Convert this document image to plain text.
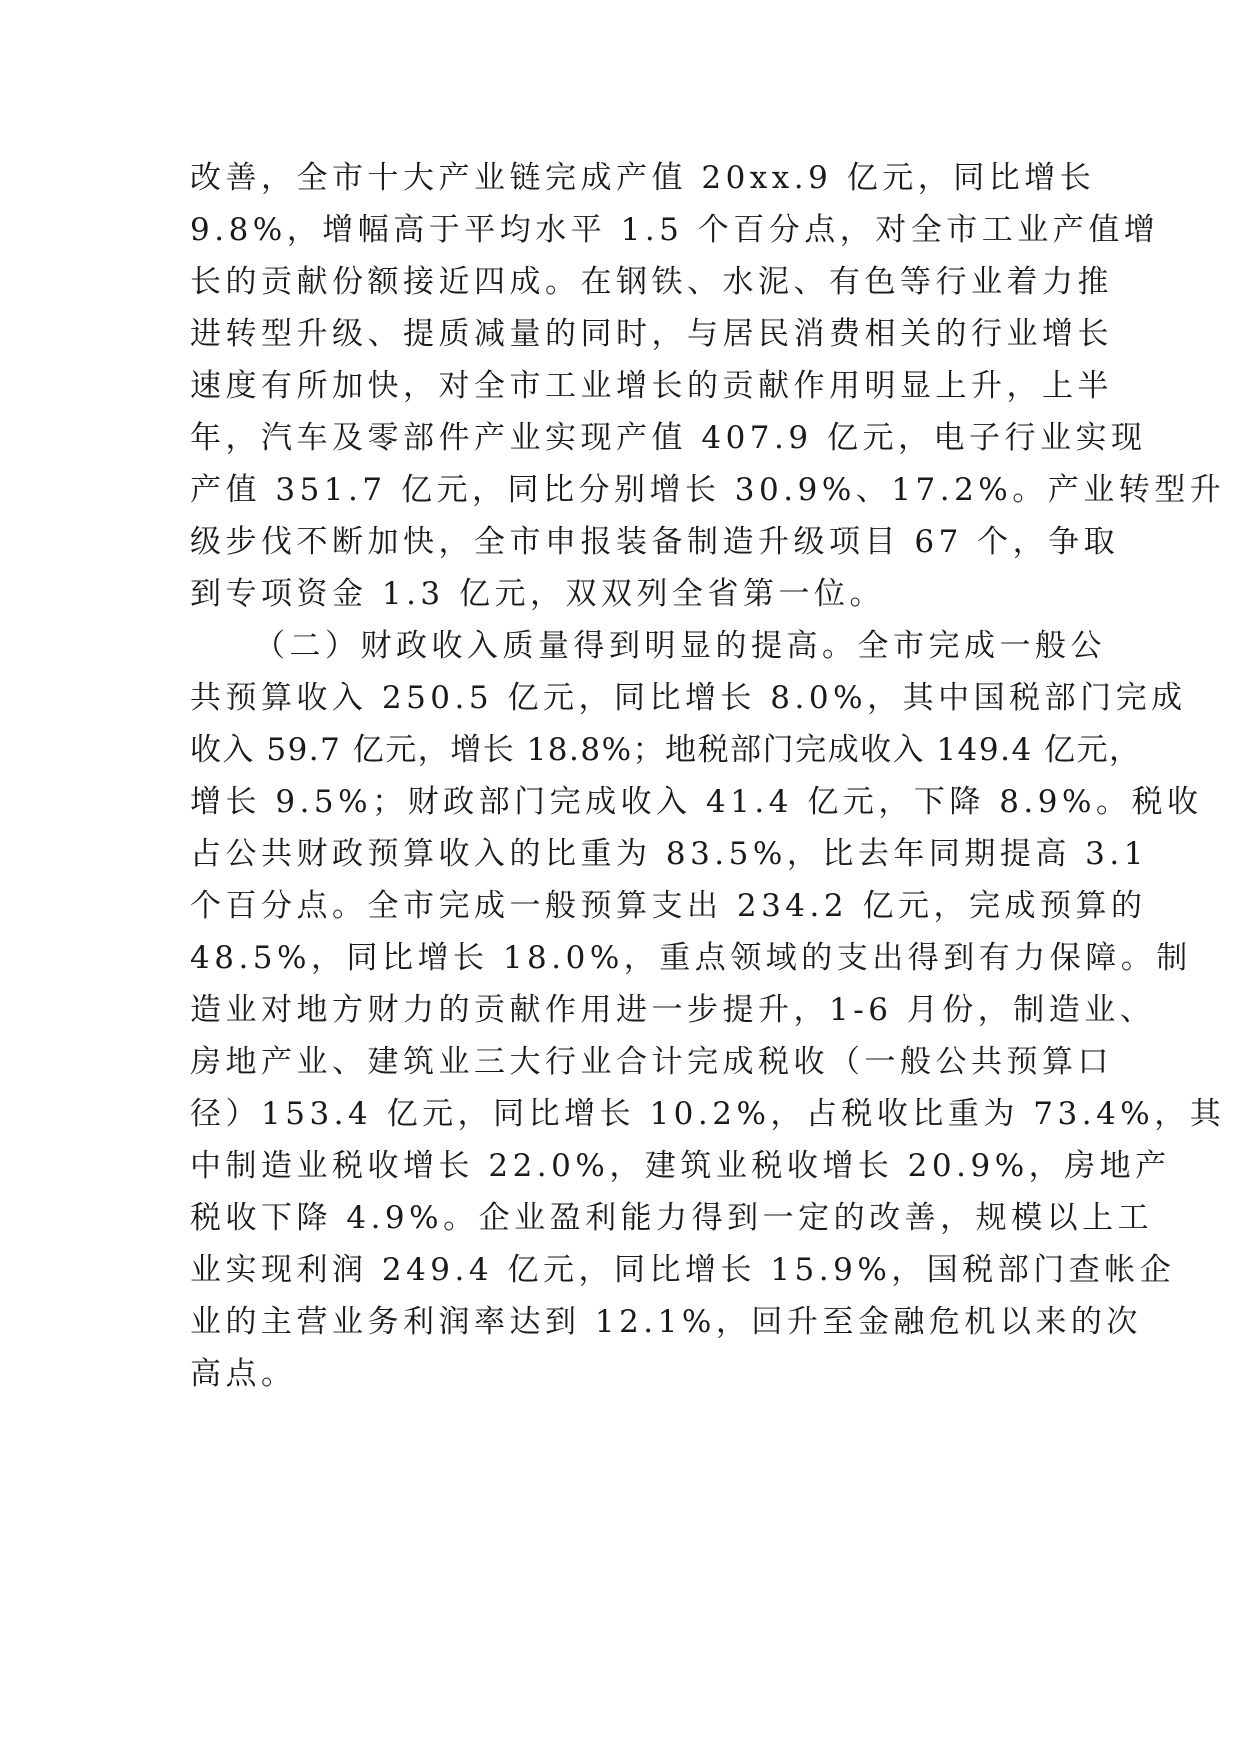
改善，全市十大产业链完成产值 20xx.9 亿元，同比增长
9.8%，增幅高于平均水平 1.5 个百分点，对全市工业产值增
长的贡献份额接近四成。在钢铁、水泥、有色等行业着力推
进转型升级、提质减量的同时，与居民消费相关的行业增长
速度有所加快，对全市工业增长的贡献作用明显上升，上半
年，汽车及零部件产业实现产值 407.9 亿元，电子行业实现
产值 351.7 亿元，同比分别增长 30.9%、17.2%。产业转型升
级步伐不断加快，全市申报装备制造升级项目 67 个，争取
到专项资金 1.3 亿元，双双列全省第一位。
（二）财政收入质量得到明显的提高。全市完成一般公
共预算收入 250.5 亿元，同比增长 8.0%，其中国税部门完成
收入 59.7 亿元，增长 18.8%；地税部门完成收入 149.4 亿元，
增长 9.5%；财政部门完成收入 41.4 亿元，下降 8.9%。税收
占公共财政预算收入的比重为 83.5%，比去年同期提高 3.1
个百分点。全市完成一般预算支出 234.2 亿元，完成预算的
48.5%，同比增长 18.0%，重点领域的支出得到有力保障。制
造业对地方财力的贡献作用进一步提升，1-6 月份，制造业、
房地产业、建筑业三大行业合计完成税收（一般公共预算口
径）153.4 亿元，同比增长 10.2%，占税收比重为 73.4%，其
中制造业税收增长 22.0%，建筑业税收增长 20.9%，房地产
税收下降 4.9%。企业盈利能力得到一定的改善，规模以上工
业实现利润 249.4 亿元，同比增长 15.9%，国税部门查帐企
业的主营业务利润率达到 12.1%，回升至金融危机以来的次
高点。
